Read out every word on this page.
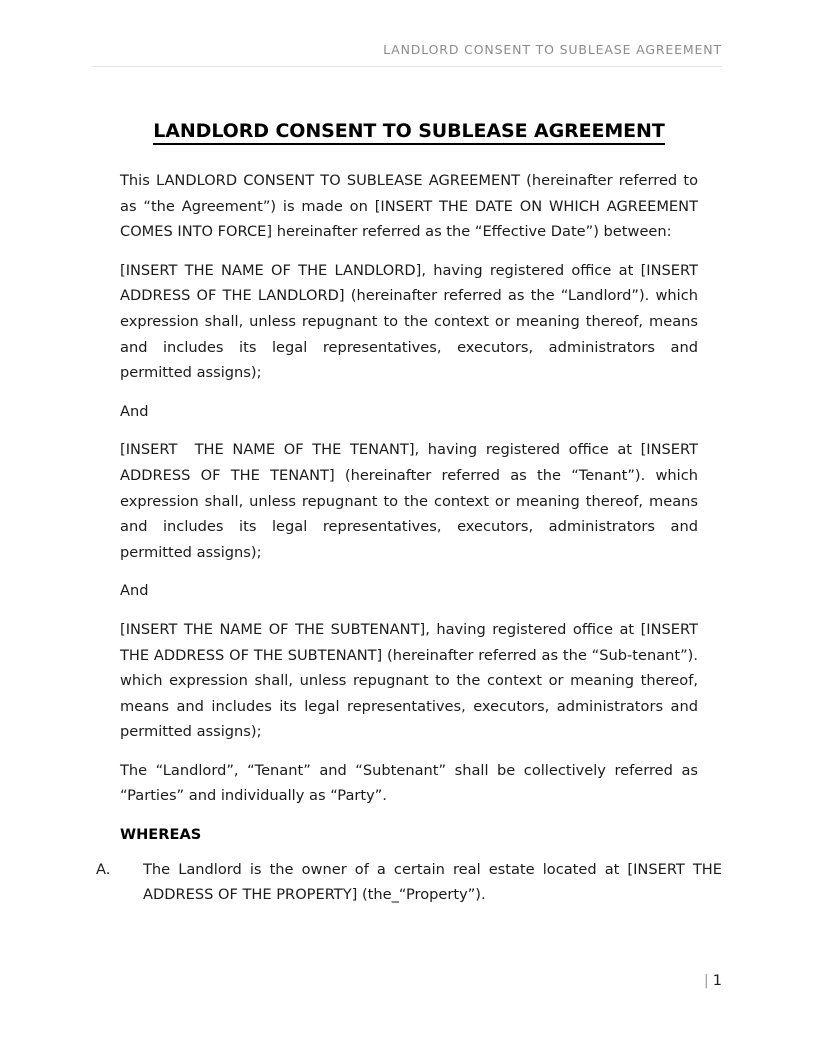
LANDLORD CONSENT TO SUBLEASE AGREEMENT
LANDLORD CONSENT TO SUBLEASE AGREEMENT

This LANDLORD CONSENT TO SUBLEASE AGREEMENT (hereinafter referred to as “the Agreement”) is made on [INSERT THE DATE ON WHICH AGREEMENT COMES INTO FORCE] hereinafter referred as the “Effective Date”) between:

[INSERT THE NAME OF THE LANDLORD], having registered office at [INSERT ADDRESS OF THE LANDLORD] (hereinafter referred as the “Landlord”). which expression shall, unless repugnant to the context or meaning thereof, means and includes its legal representatives, executors, administrators and permitted assigns);

And

[INSERT  THE NAME OF THE TENANT], having registered office at [INSERT ADDRESS OF THE TENANT] (hereinafter referred as the “Tenant”). which expression shall, unless repugnant to the context or meaning thereof, means and includes its legal representatives, executors, administrators and permitted assigns);

And

[INSERT THE NAME OF THE SUBTENANT], having registered office at [INSERT THE ADDRESS OF THE SUBTENANT] (hereinafter referred as the “Sub-tenant”). which expression shall, unless repugnant to the context or meaning thereof, means and includes its legal representatives, executors, administrators and permitted assigns);

The “Landlord”, “Tenant” and “Subtenant” shall be collectively referred as “Parties” and individually as “Party”.

WHEREAS
A.	The Landlord is the owner of a certain real estate located at [INSERT THE ADDRESS OF THE PROPERTY] (the_“Property”).
| 1
